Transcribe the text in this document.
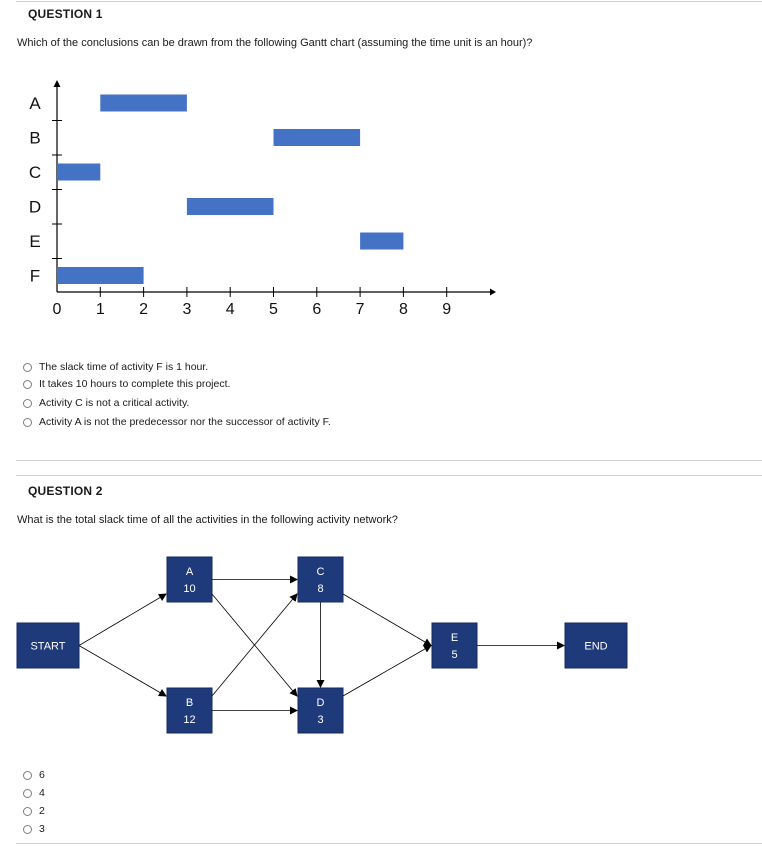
QUESTION 1
Which of the conclusions can be drawn from the following Gantt chart (assuming the time unit is an hour)?
0 1 2 3 4 5 6 7 8 9
A
B
C
D
E
F
The slack time of activity F is 1 hour.
It takes 10 hours to complete this project.
Activity C is not a critical activity.
Activity A is not the predecessor nor the successor of activity F.
QUESTION 2
What is the total slack time of all the activities in the following activity network?
START
A
10
B
12
C
8
D
3
E
5
END
6
4
2
3
